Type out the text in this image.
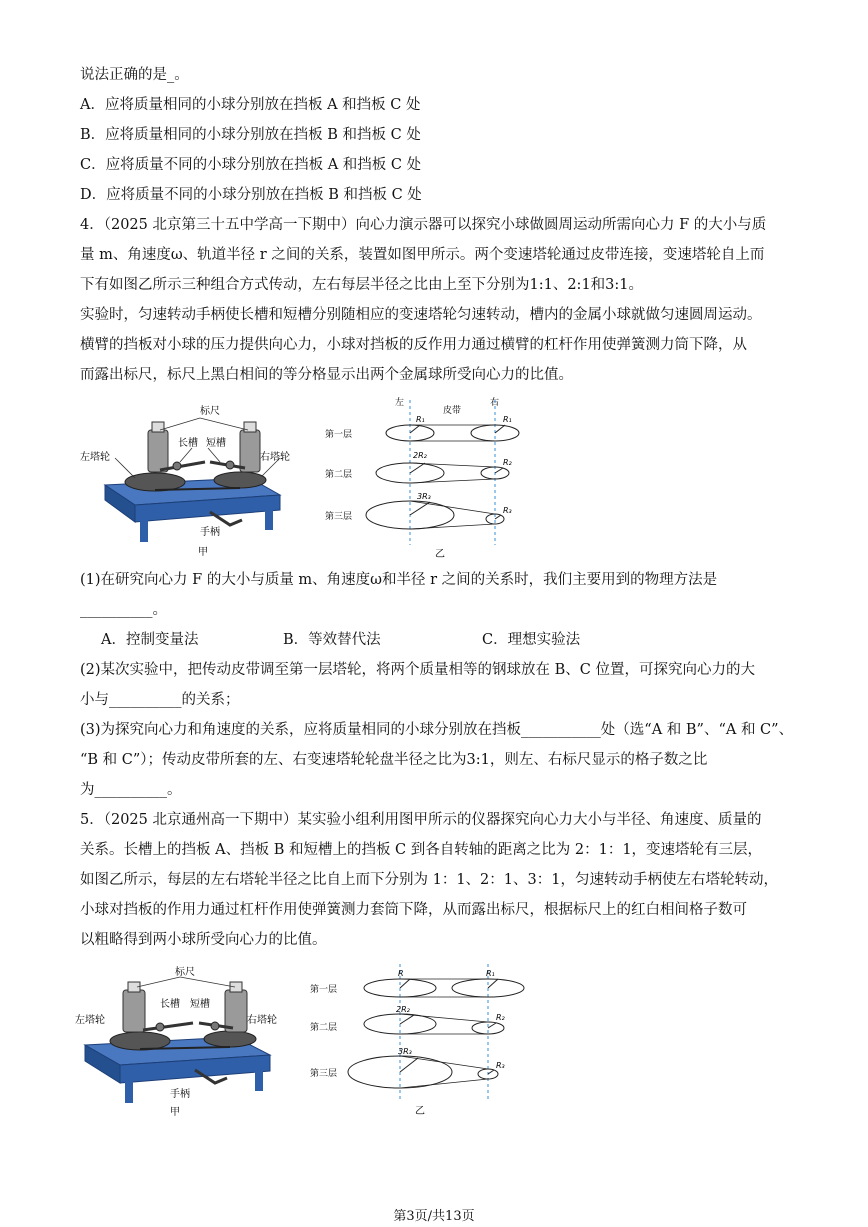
说法正确的是_。
A．应将质量相同的小球分别放在挡板 A 和挡板 C 处
B．应将质量相同的小球分别放在挡板 B 和挡板 C 处
C．应将质量不同的小球分别放在挡板 A 和挡板 C 处
D．应将质量不同的小球分别放在挡板 B 和挡板 C 处
4．（2025 北京第三十五中学高一下期中）向心力演示器可以探究小球做圆周运动所需向心力 F 的大小与质
量 m、角速度ω、轨道半径 r 之间的关系，装置如图甲所示。两个变速塔轮通过皮带连接，变速塔轮自上而
下有如图乙所示三种组合方式传动，左右每层半径之比由上至下分别为1:1、2:1和3:1。
实验时，匀速转动手柄使长槽和短槽分别随相应的变速塔轮匀速转动，槽内的金属小球就做匀速圆周运动。
横臂的挡板对小球的压力提供向心力，小球对挡板的反作用力通过横臂的杠杆作用使弹簧测力筒下降，从
而露出标尺，标尺上黑白相间的等分格显示出两个金属球所受向心力的比值。
标尺
长槽 短槽
左塔轮	右塔轮
手柄
甲
左
皮带
右
R₁	R₁
第一层
2R₂
R₂
第二层
3R₃
R₃
第三层
乙
(1)在研究向心力 F 的大小与质量 m、角速度ω和半径 r 之间的关系时，我们主要用到的物理方法是
__________。
A．控制变量法	B．等效替代法	C．理想实验法
(2)某次实验中，把传动皮带调至第一层塔轮，将两个质量相等的钢球放在 B、C 位置，可探究向心力的大
小与__________的关系；
(3)为探究向心力和角速度的关系，应将质量相同的小球分别放在挡板___________处（选“A 和 B”、“A 和 C”、
“B 和 C”）；传动皮带所套的左、右变速塔轮轮盘半径之比为3:1，则左、右标尺显示的格子数之比
为__________。
5．（2025 北京通州高一下期中）某实验小组利用图甲所示的仪器探究向心力大小与半径、角速度、质量的
关系。长槽上的挡板 A、挡板 B 和短槽上的挡板 C 到各自转轴的距离之比为 2：1：1，变速塔轮有三层，
如图乙所示，每层的左右塔轮半径之比自上而下分别为 1：1、2：1、3：1，匀速转动手柄使左右塔轮转动，
小球对挡板的作用力通过杠杆作用使弹簧测力套筒下降，从而露出标尺，根据标尺上的红白相间格子数可
以粗略得到两小球所受向心力的比值。
标尺
长槽 短槽
左塔轮	右塔轮
手柄
甲
R	R₁
第一层
2R₂
R₂
第二层
3R₃
R₃
第三层
乙
第3页/共13页
